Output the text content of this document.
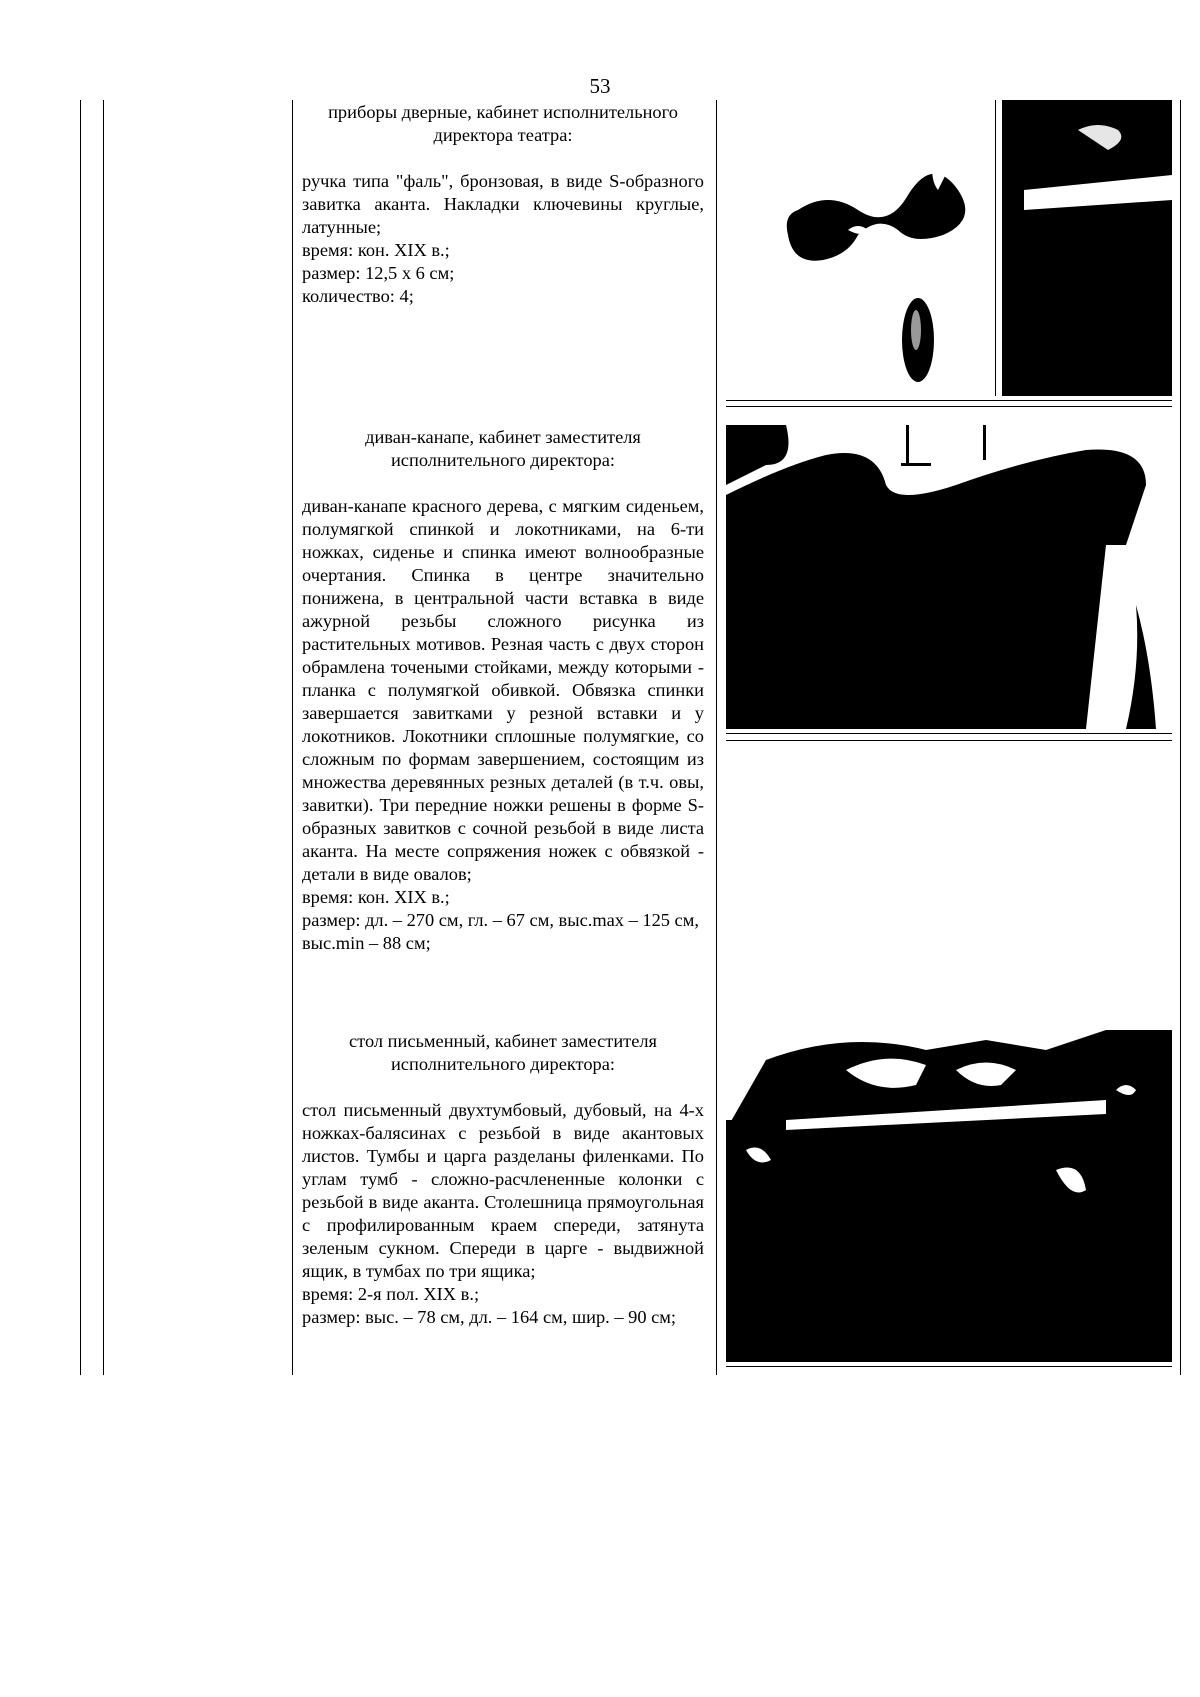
53
приборы дверные, кабинет исполнительного
директора театра:
ручка типа "фаль", бронзовая, в виде S-образного завитка аканта. Накладки ключевины круглые, латунные;
время: кон. XIX в.;
размер: 12,5 х 6 см;
количество: 4;
диван-канапе, кабинет заместителя
исполнительного директора:
диван-канапе красного дерева, с мягким сиденьем, полумягкой спинкой и локотниками, на 6-ти ножках, сиденье и спинка имеют волнообразные очертания. Спинка в центре значительно понижена, в центральной части вставка в виде ажурной резьбы сложного рисунка из растительных мотивов. Резная часть с двух сторон обрамлена точеными стойками, между которыми - планка с полумягкой обивкой. Обвязка спинки завершается завитками у резной вставки и у локотников. Локотники сплошные полумягкие, со сложным по формам завершением, состоящим из множества деревянных резных деталей (в т.ч. овы, завитки). Три передние ножки решены в форме S-образных завитков с сочной резьбой в виде листа аканта. На месте сопряжения ножек с обвязкой - детали в виде овалов;
время: кон. XIX в.;
размер: дл. – 270 см, гл. – 67 см, выс.max – 125 см, выс.min – 88 см;
стол письменный, кабинет заместителя
исполнительного директора:
стол письменный двухтумбовый, дубовый, на 4-х ножках-балясинах с резьбой в виде акантовых листов. Тумбы и царга разделаны филенками. По углам тумб - сложно-расчлененные колонки с резьбой в виде аканта. Столешница прямоугольная с профилированным краем спереди, затянута зеленым сукном. Спереди в царге - выдвижной ящик, в тумбах по три ящика;
время: 2-я пол. XIX в.;
размер: выс. – 78 см, дл. – 164 см, шир. – 90 см;
